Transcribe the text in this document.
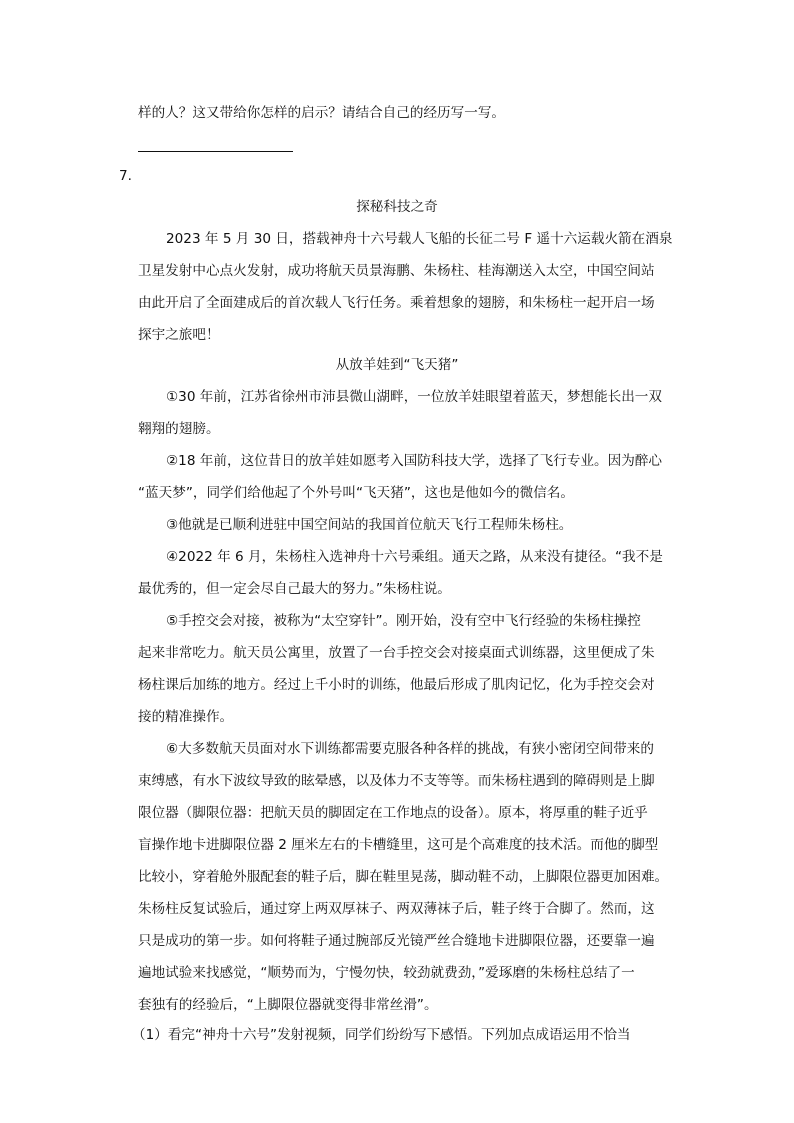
样的人？这又带给你怎样的启示？请结合自己的经历写一写。
7.
探秘科技之奇
2023 年 5 月 30 日，搭载神舟十六号载人飞船的长征二号 F 遥十六运载火箭在酒泉
卫星发射中心点火发射，成功将航天员景海鹏、朱杨柱、桂海潮送入太空，中国空间站
由此开启了全面建成后的首次载人飞行任务。乘着想象的翅膀，和朱杨柱一起开启一场
探宇之旅吧！
从放羊娃到“飞天猪”
①30 年前，江苏省徐州市沛县微山湖畔，一位放羊娃眼望着蓝天，梦想能长出一双
翱翔的翅膀。
②18 年前，这位昔日的放羊娃如愿考入国防科技大学，选择了飞行专业。因为醉心
“蓝天梦”，同学们给他起了个外号叫“飞天猪”，这也是他如今的微信名。
③他就是已顺利进驻中国空间站的我国首位航天飞行工程师朱杨柱。
④2022 年 6 月，朱杨柱入选神舟十六号乘组。通天之路，从来没有捷径。“我不是
最优秀的，但一定会尽自己最大的努力。”朱杨柱说。
⑤手控交会对接，被称为“太空穿针”。刚开始，没有空中飞行经验的朱杨柱操控
起来非常吃力。航天员公寓里，放置了一台手控交会对接桌面式训练器，这里便成了朱
杨柱课后加练的地方。经过上千小时的训练，他最后形成了肌肉记忆，化为手控交会对
接的精准操作。
⑥大多数航天员面对水下训练都需要克服各种各样的挑战，有狭小密闭空间带来的
束缚感，有水下波纹导致的眩晕感，以及体力不支等等。而朱杨柱遇到的障碍则是上脚
限位器（脚限位器：把航天员的脚固定在工作地点的设备）。原本，将厚重的鞋子近乎
盲操作地卡进脚限位器 2 厘米左右的卡槽缝里，这可是个高难度的技术活。而他的脚型
比较小，穿着舱外服配套的鞋子后，脚在鞋里晃荡，脚动鞋不动，上脚限位器更加困难。
朱杨柱反复试验后，通过穿上两双厚袜子、两双薄袜子后，鞋子终于合脚了。然而，这
只是成功的第一步。如何将鞋子通过腕部反光镜严丝合缝地卡进脚限位器，还要靠一遍
遍地试验来找感觉，“顺势而为，宁慢勿快，较劲就费劲，”爱琢磨的朱杨柱总结了一
套独有的经验后，“上脚限位器就变得非常丝滑”。
（1）看完“神舟十六号”发射视频，同学们纷纷写下感悟。下列加点成语运用不恰当
